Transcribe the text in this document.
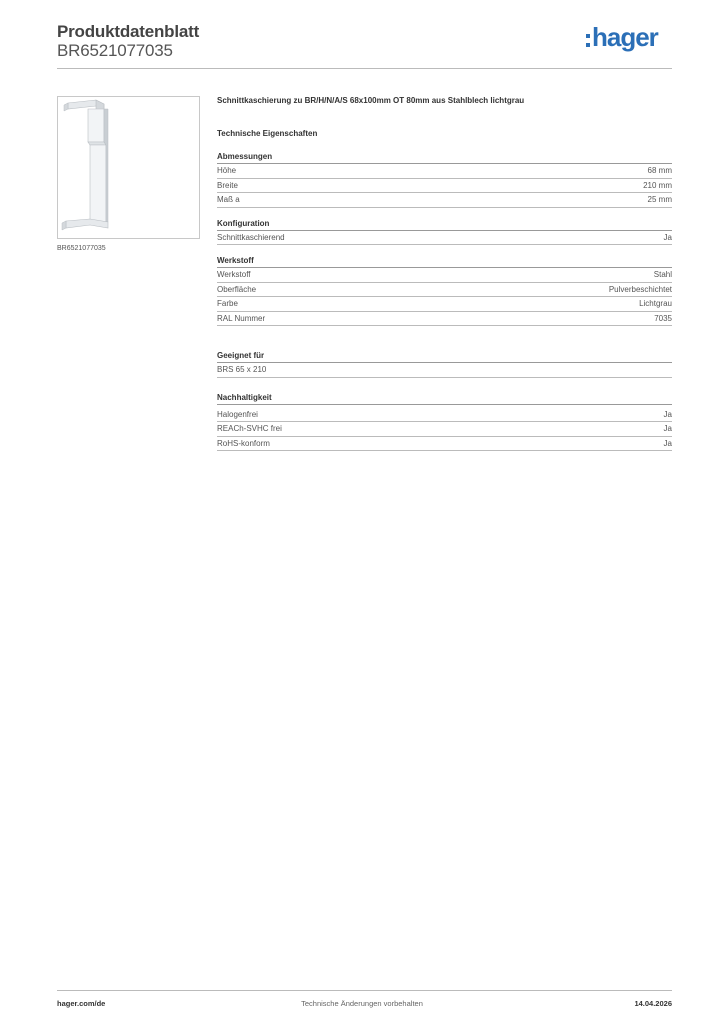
Produktdatenblatt
BR6521077035	hager
BR6521077035
Schnittkaschierung zu BR/H/N/A/S 68x100mm OT 80mm aus Stahlblech lichtgrau
Technische Eigenschaften
Abmessungen
Höhe	68 mm
Breite	210 mm
Maß a	25 mm
Konfiguration
Schnittkaschierend	Ja
Werkstoff
Werkstoff	Stahl
Oberfläche	Pulverbeschichtet
Farbe	Lichtgrau
RAL Nummer	7035
Geeignet für
BRS 65 x 210
Nachhaltigkeit
Halogenfrei	Ja
REACh-SVHC frei	Ja
RoHS-konform	Ja
hager.com/de	Technische Änderungen vorbehalten	14.04.2026
